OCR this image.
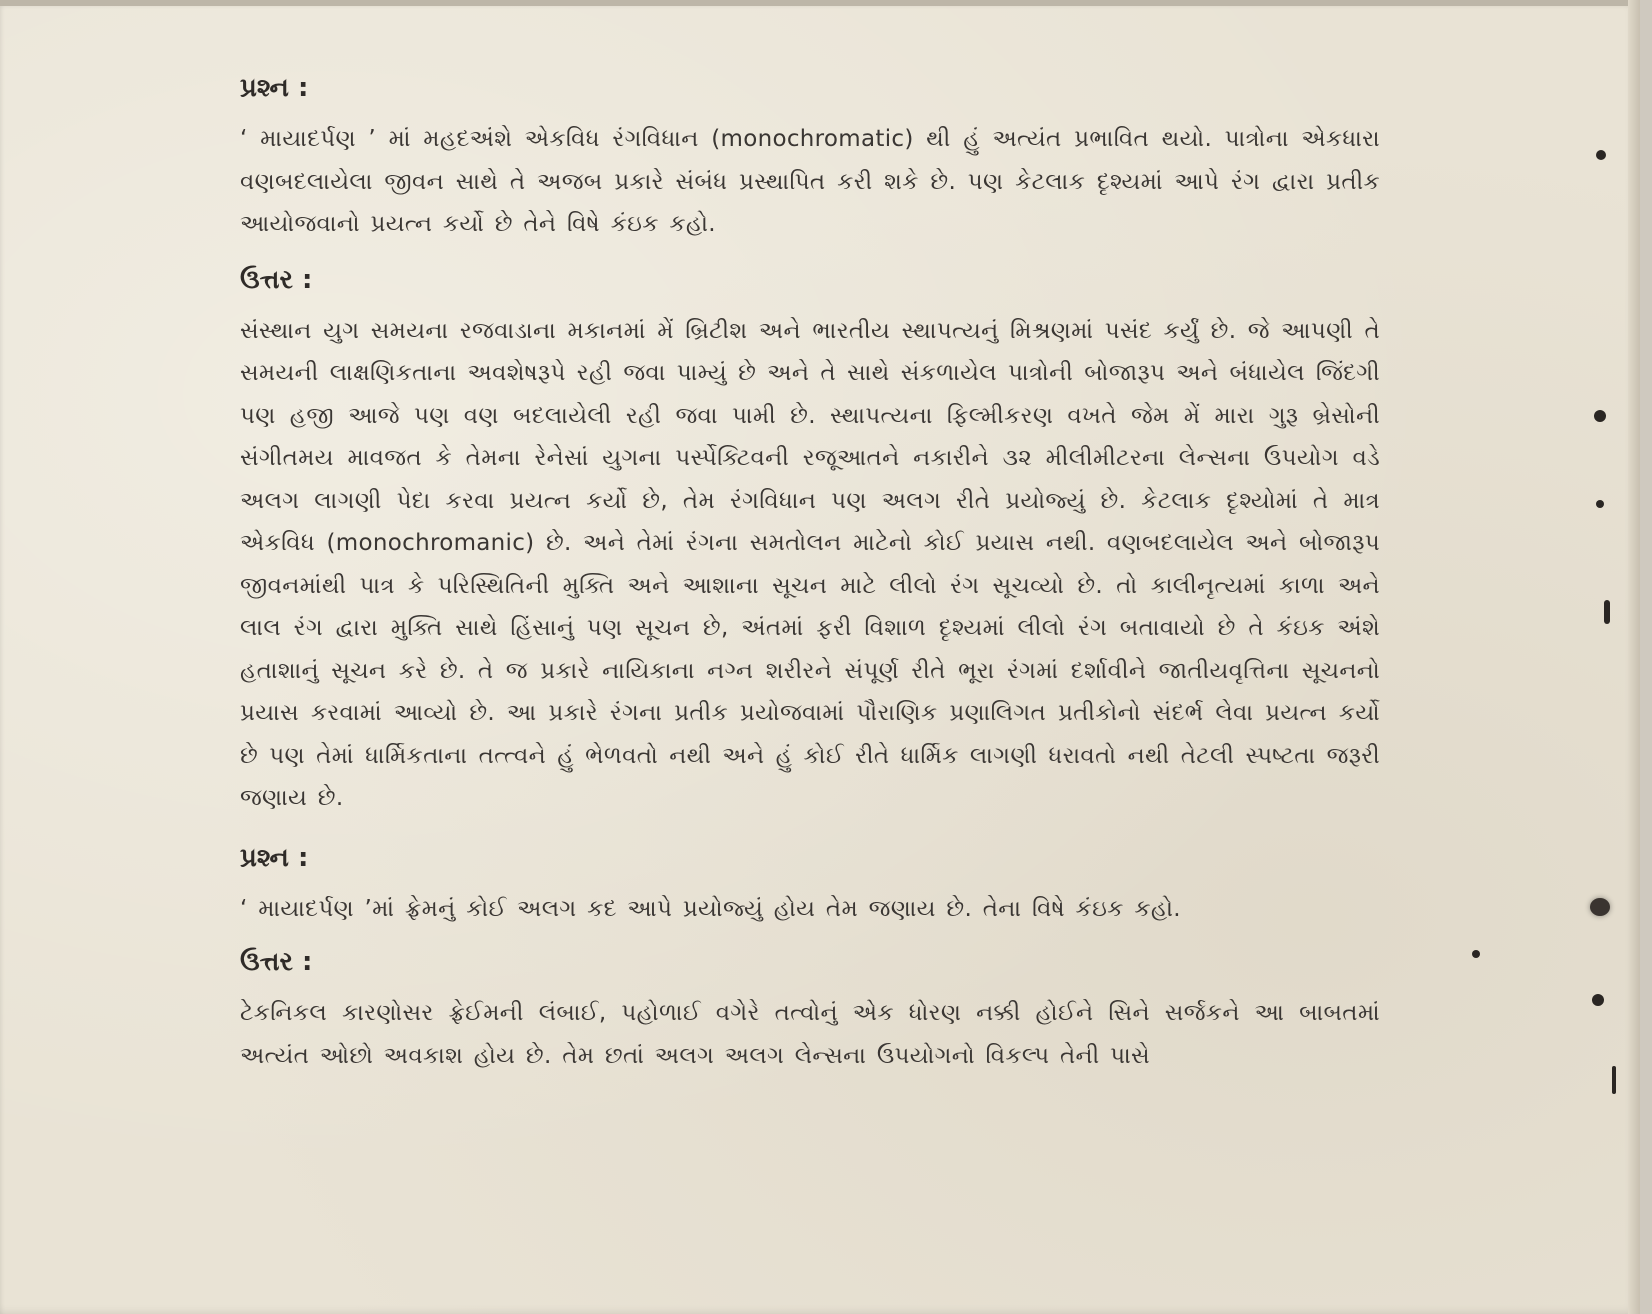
પ્રશ્ન :

‘ માયાદર્પણ ’ માં મહદઅંશે એકવિધ રંગવિધાન (monochromatic) થી હું અત્યંત પ્રભાવિત થયો. પાત્રોના એકધારા વણબદલાયેલા જીવન સાથે તે અજબ પ્રકારે સંબંધ પ્રસ્થાપિત કરી શકે છે. પણ કેટલાક દૃશ્યમાં આપે રંગ દ્વારા પ્રતીક આયોજવાનો પ્રયત્ન કર્યો છે તેને વિષે કંઇક કહો.

ઉત્તર :

સંસ્થાન યુગ સમયના રજવાડાના મકાનમાં મેં બ્રિટીશ અને ભારતીય સ્થાપત્યનું મિશ્રણમાં પસંદ કર્યું છે. જે આપણી તે સમયની લાક્ષણિકતાના અવશેષરૂપે રહી જવા પામ્યું છે અને તે સાથે સંકળાયેલ પાત્રોની બોજારૂપ અને બંધાયેલ જિંદગી પણ હજી આજે પણ વણ બદલાયેલી રહી જવા પામી છે. સ્થાપત્યના ફિલ્મીકરણ વખતે જેમ મેં મારા ગુરૂ બ્રેસોની સંગીતમય માવજત કે તેમના રેનેસાં યુગના પર્સ્પેક્ટિવની રજૂઆતને નકારીને ૩૨ મીલીમીટરના લેન્સના ઉપયોગ વડે અલગ લાગણી પેદા કરવા પ્રયત્ન કર્યો છે, તેમ રંગવિધાન પણ અલગ રીતે પ્રયોજ્યું છે. કેટલાક દૃશ્યોમાં તે માત્ર એકવિધ (monochromanic) છે. અને તેમાં રંગના સમતોલન માટેનો કોઈ પ્રયાસ નથી. વણબદલાયેલ અને બોજારૂપ જીવનમાંથી પાત્ર કે પરિસ્થિતિની મુક્તિ અને આશાના સૂચન માટે લીલો રંગ સૂચવ્યો છે. તો કાલીનૃત્યમાં કાળા અને લાલ રંગ દ્વારા મુક્તિ સાથે હિંસાનું પણ સૂચન છે, અંતમાં ફરી વિશાળ દૃશ્યમાં લીલો રંગ બતાવાયો છે તે કંઇક અંશે હતાશાનું સૂચન કરે છે. તે જ પ્રકારે નાયિકાના નગ્ન શરીરને સંપૂર્ણ રીતે ભૂરા રંગમાં દર્શાવીને જાતીયવૃત્તિના સૂચનનો પ્રયાસ કરવામાં આવ્યો છે. આ પ્રકારે રંગના પ્રતીક પ્રયોજવામાં પૌરાણિક પ્રણાલિગત પ્રતીકોનો સંદર્ભ લેવા પ્રયત્ન કર્યો છે પણ તેમાં ધાર્મિકતાના તત્ત્વને હું ભેળવતો નથી અને હું કોઈ રીતે ધાર્મિક લાગણી ધરાવતો નથી તેટલી સ્પષ્ટતા જરૂરી જણાય છે.

પ્રશ્ન :

‘ માયાદર્પણ ’માં ફ્રેમનું કોઈ અલગ કદ આપે પ્રયોજ્યું હોય તેમ જણાય છે. તેના વિષે કંઇક કહો.

ઉત્તર :

ટેકનિકલ કારણોસર ફ્રેઈમની લંબાઈ, પહોળાઈ વગેરે તત્વોનું એક ધોરણ નક્કી હોઈને સિને સર્જકને આ બાબતમાં અત્યંત ઓછો અવકાશ હોય છે. તેમ છતાં અલગ અલગ લેન્સના ઉપયોગનો વિકલ્પ તેની પાસે
